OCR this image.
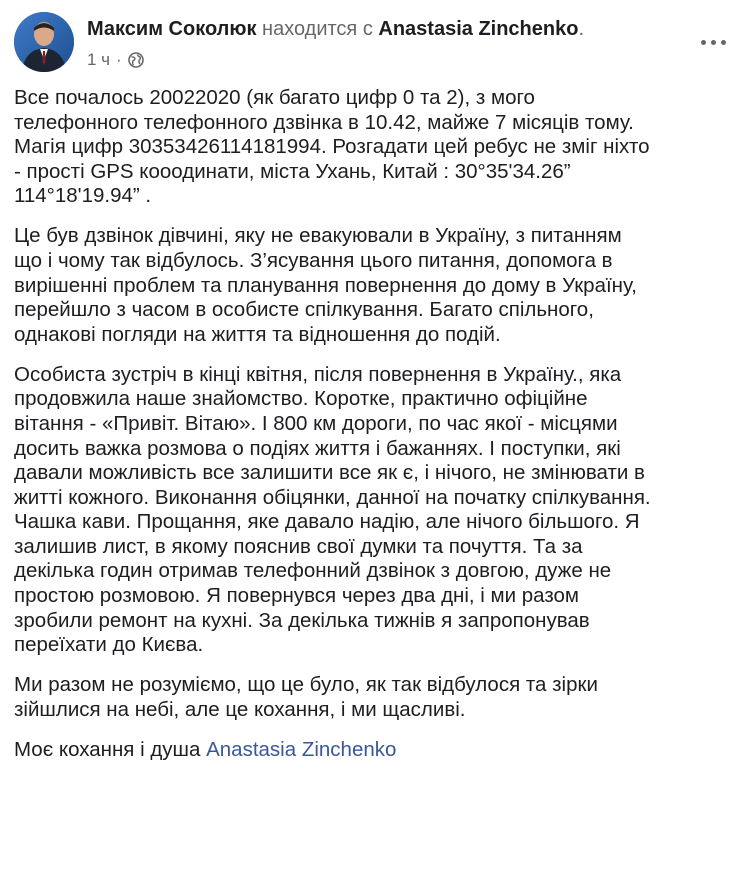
Максим Соколюк находится с Anastasia Zinchenko.
1 ч ·

Все почалось 20022020 (як багато цифр 0 та 2), з мого
телефонного телефонного дзвінка в 10.42, майже 7 місяців тому.
Магія цифр 30353426114181994. Розгадати цей ребус не зміг ніхто
- прості GPS кооодинати, міста Ухань, Китай : 30°35'34.26”
114°18'19.94” .

Це був дзвінок дівчині, яку не евакуювали в Україну, з питанням
що і чому так відбулось. З’ясування цього питання, допомога в
вирішенні проблем та планування повернення до дому в Україну,
перейшло з часом в особисте спілкування. Багато спільного,
однакові погляди на життя та відношення до подій.

Особиста зустріч в кінці квітня, після повернення в Україну., яка
продовжила наше знайомство. Коротке, практично офіційне
вітання - «Привіт. Вітаю». І 800 км дороги, по час якої - місцями
досить важка розмова о подіях життя і бажаннях. І поступки, які
давали можливість все залишити все як є, і нічого, не змінювати в
житті кожного. Виконання обіцянки, данної на початку спілкування.
Чашка кави. Прощання, яке давало надію, але нічого більшого. Я
залишив лист, в якому пояснив свої думки та почуття. Та за
декілька годин отримав телефонний дзвінок з довгою, дуже не
простою розмовою. Я повернувся через два дні, і ми разом
зробили ремонт на кухні. За декілька тижнів я запропонував
переїхати до Києва.

Ми разом не розуміємо, що це було, як так відбулося та зірки
зійшлися на небі, але це кохання, і ми щасливі.

Моє кохання і душа Anastasia Zinchenko
